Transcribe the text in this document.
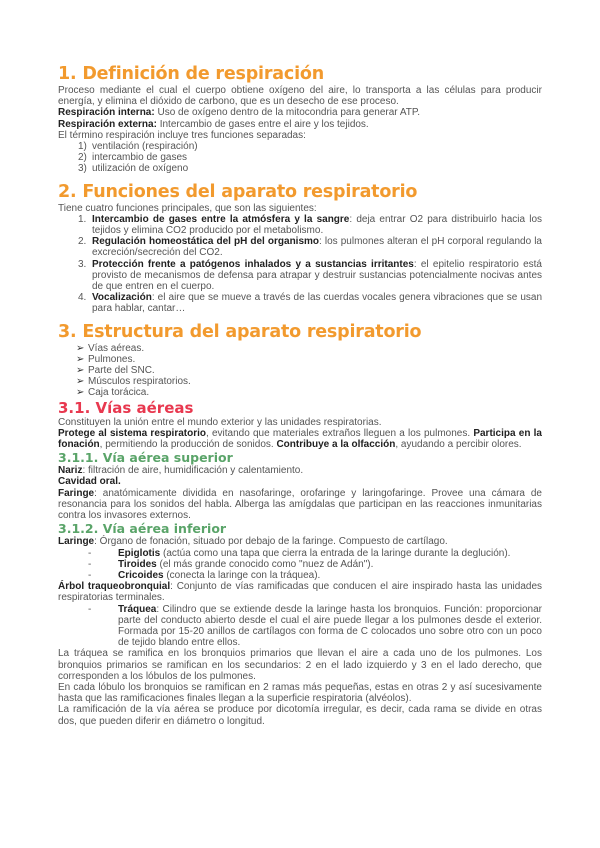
1. Definición de respiración

Proceso mediante el cual el cuerpo obtiene oxígeno del aire, lo transporta a las células para producir energía, y elimina el dióxido de carbono, que es un desecho de ese proceso.

Respiración interna: Uso de oxígeno dentro de la mitocondria para generar ATP.

Respiración externa: Intercambio de gases entre el aire y los tejidos.

El término respiración incluye tres funciones separadas:

1) ventilación (respiración)
2) intercambio de gases
3) utilización de oxígeno
2. Funciones del aparato respiratorio

Tiene cuatro funciones principales, que son las siguientes:

1. Intercambio de gases entre la atmósfera y la sangre: deja entrar O2 para distribuirlo hacia los tejidos y elimina CO2 producido por el metabolismo.
2. Regulación homeostática del pH del organismo: los pulmones alteran el pH corporal regulando la excreción/secreción del CO2.
3. Protección frente a patógenos inhalados y a sustancias irritantes: el epitelio respiratorio está provisto de mecanismos de defensa para atrapar y destruir sustancias potencialmente nocivas antes de que entren en el cuerpo.
4. Vocalización: el aire que se mueve a través de las cuerdas vocales genera vibraciones que se usan para hablar, cantar…
3. Estructura del aparato respiratorio
➢ Vías aéreas.
➢ Pulmones.
➢ Parte del SNC.
➢ Músculos respiratorios.
➢ Caja torácica.
3.1. Vías aéreas

Constituyen la unión entre el mundo exterior y las unidades respiratorias.

Protege al sistema respiratorio, evitando que materiales extraños lleguen a los pulmones. Participa en la fonación, permitiendo la producción de sonidos. Contribuye a la olfacción, ayudando a percibir olores.

3.1.1. Vía aérea superior

Nariz: filtración de aire, humidificación y calentamiento.

Cavidad oral.

Faringe: anatómicamente dividida en nasofaringe, orofaringe y laringofaringe. Provee una cámara de resonancia para los sonidos del habla. Alberga las amígdalas que participan en las reacciones inmunitarias contra los invasores externos.

3.1.2. Vía aérea inferior

Laringe: Órgano de fonación, situado por debajo de la faringe. Compuesto de cartílago.

-	Epiglotis (actúa como una tapa que cierra la entrada de la laringe durante la deglución).
-	Tiroides (el más grande conocido como "nuez de Adán").
-	Cricoides (conecta la laringe con la tráquea).

Árbol traqueobronquial: Conjunto de vías ramificadas que conducen el aire inspirado hasta las unidades respiratorias terminales.

-	Tráquea: Cilindro que se extiende desde la laringe hasta los bronquios. Función: proporcionar parte del conducto abierto desde el cual el aire puede llegar a los pulmones desde el exterior. Formada por 15-20 anillos de cartílagos con forma de C colocados uno sobre otro con un poco de tejido blando entre ellos.

La tráquea se ramifica en los bronquios primarios que llevan el aire a cada uno de los pulmones. Los bronquios primarios se ramifican en los secundarios: 2 en el lado izquierdo y 3 en el lado derecho, que corresponden a los lóbulos de los pulmones.

En cada lóbulo los bronquios se ramifican en 2 ramas más pequeñas, estas en otras 2 y así sucesivamente hasta que las ramificaciones finales llegan a la superficie respiratoria (alvéolos).

La ramificación de la vía aérea se produce por dicotomía irregular, es decir, cada rama se divide en otras dos, que pueden diferir en diámetro o longitud.
